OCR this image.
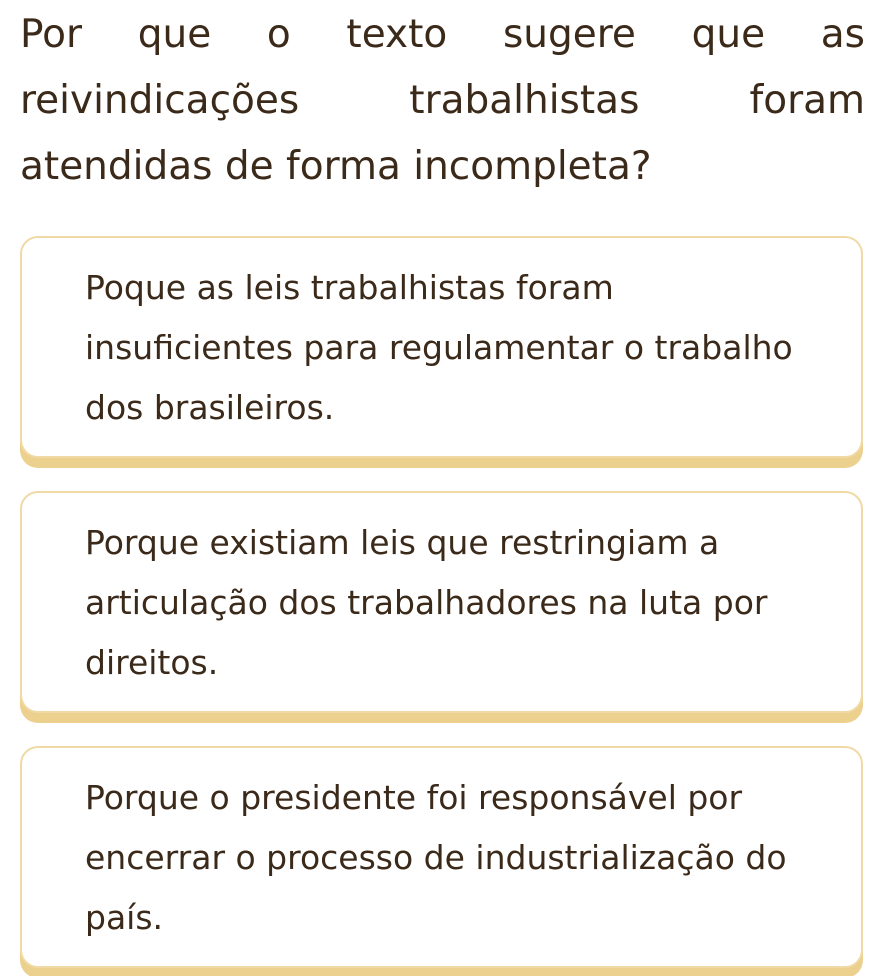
Por que o texto sugere que as reivindicações trabalhistas foram atendidas de forma incompleta?
Poque as leis trabalhistas foram insuficientes para regulamentar o trabalho dos brasileiros.
Porque existiam leis que restringiam a articulação dos trabalhadores na luta por direitos.
Porque o presidente foi responsável por encerrar o processo de industrialização do país.
